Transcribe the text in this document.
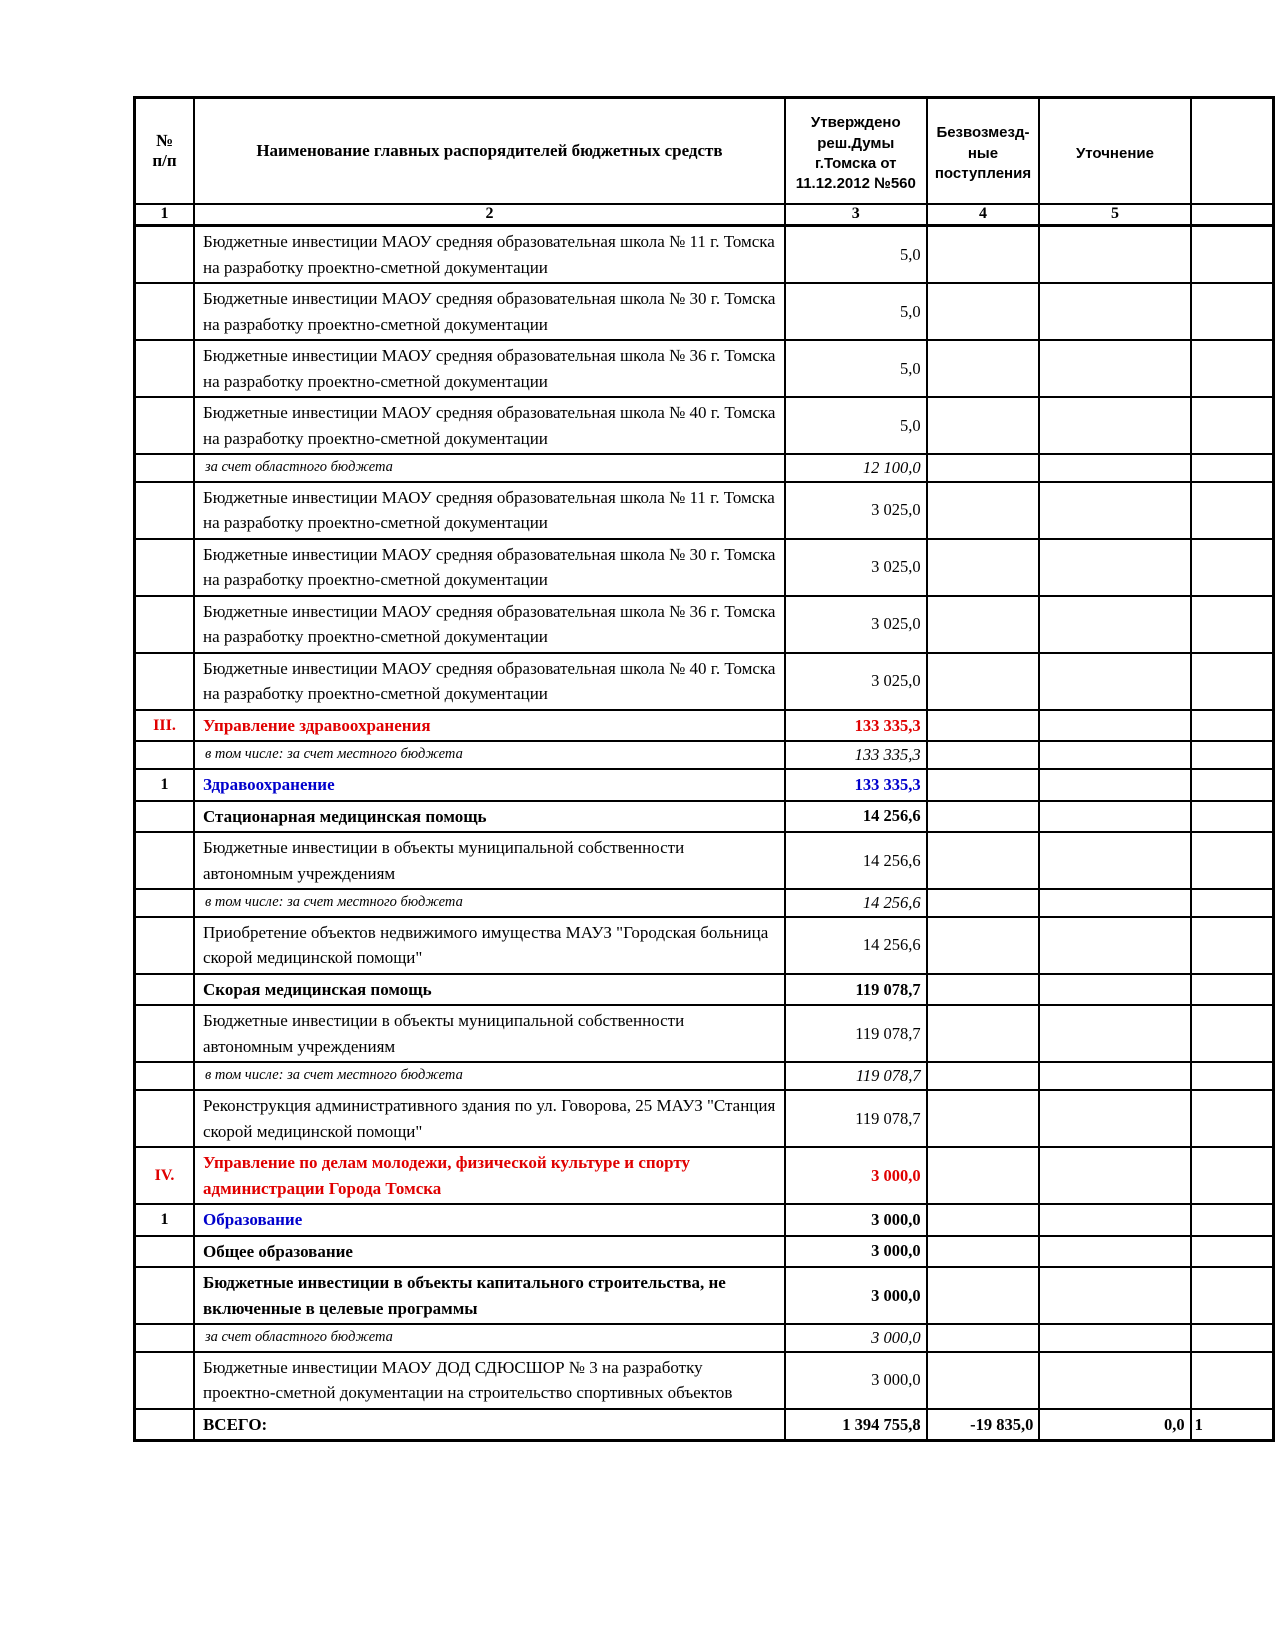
№
п/п	Наименование главных распорядителей бюджетных средств	Утверждено реш.Думы г.Томска от 11.12.2012 №560	Безвозмезд-ные поступления	Уточнение	
1	2	3	4	5	
	Бюджетные инвестиции МАОУ средняя образовательная школа № 11 г. Томска на разработку проектно-сметной документации	5,0			
	Бюджетные инвестиции МАОУ средняя образовательная школа № 30 г. Томска на разработку проектно-сметной документации	5,0			
	Бюджетные инвестиции МАОУ средняя образовательная школа № 36 г. Томска на разработку проектно-сметной документации	5,0			
	Бюджетные инвестиции МАОУ средняя образовательная школа № 40 г. Томска на разработку проектно-сметной документации	5,0			
	за счет областного бюджета	12 100,0			
	Бюджетные инвестиции МАОУ средняя образовательная школа № 11 г. Томска на разработку проектно-сметной документации	3 025,0			
	Бюджетные инвестиции МАОУ средняя образовательная школа № 30 г. Томска на разработку проектно-сметной документации	3 025,0			
	Бюджетные инвестиции МАОУ средняя образовательная школа № 36 г. Томска на разработку проектно-сметной документации	3 025,0			
	Бюджетные инвестиции МАОУ средняя образовательная школа № 40 г. Томска на разработку проектно-сметной документации	3 025,0			
III.	Управление здравоохранения	133 335,3			
	в том числе: за счет местного бюджета	133 335,3			
1	Здравоохранение	133 335,3			
	Стационарная медицинская помощь	14 256,6			
	Бюджетные инвестиции в объекты муниципальной собственности автономным учреждениям	14 256,6			
	в том числе: за счет местного бюджета	14 256,6			
	Приобретение объектов недвижимого имущества МАУЗ "Городская больница скорой медицинской помощи"	14 256,6			
	Скорая медицинская помощь	119 078,7			
	Бюджетные инвестиции в объекты муниципальной собственности автономным учреждениям	119 078,7			
	в том числе: за счет местного бюджета	119 078,7			
	Реконструкция административного здания по ул. Говорова, 25 МАУЗ "Станция скорой медицинской помощи"	119 078,7			
IV.	Управление по делам молодежи, физической культуре и спорту администрации Города Томска	3 000,0			
1	Образование	3 000,0			
	Общее образование	3 000,0			
	Бюджетные инвестиции в объекты капитального строительства, не включенные в целевые программы	3 000,0			
	за счет областного бюджета	3 000,0			
	Бюджетные инвестиции МАОУ ДОД СДЮСШОР № 3 на разработку проектно-сметной документации на строительство спортивных объектов	3 000,0			
	ВСЕГО:	1 394 755,8	-19 835,0	0,0	1
